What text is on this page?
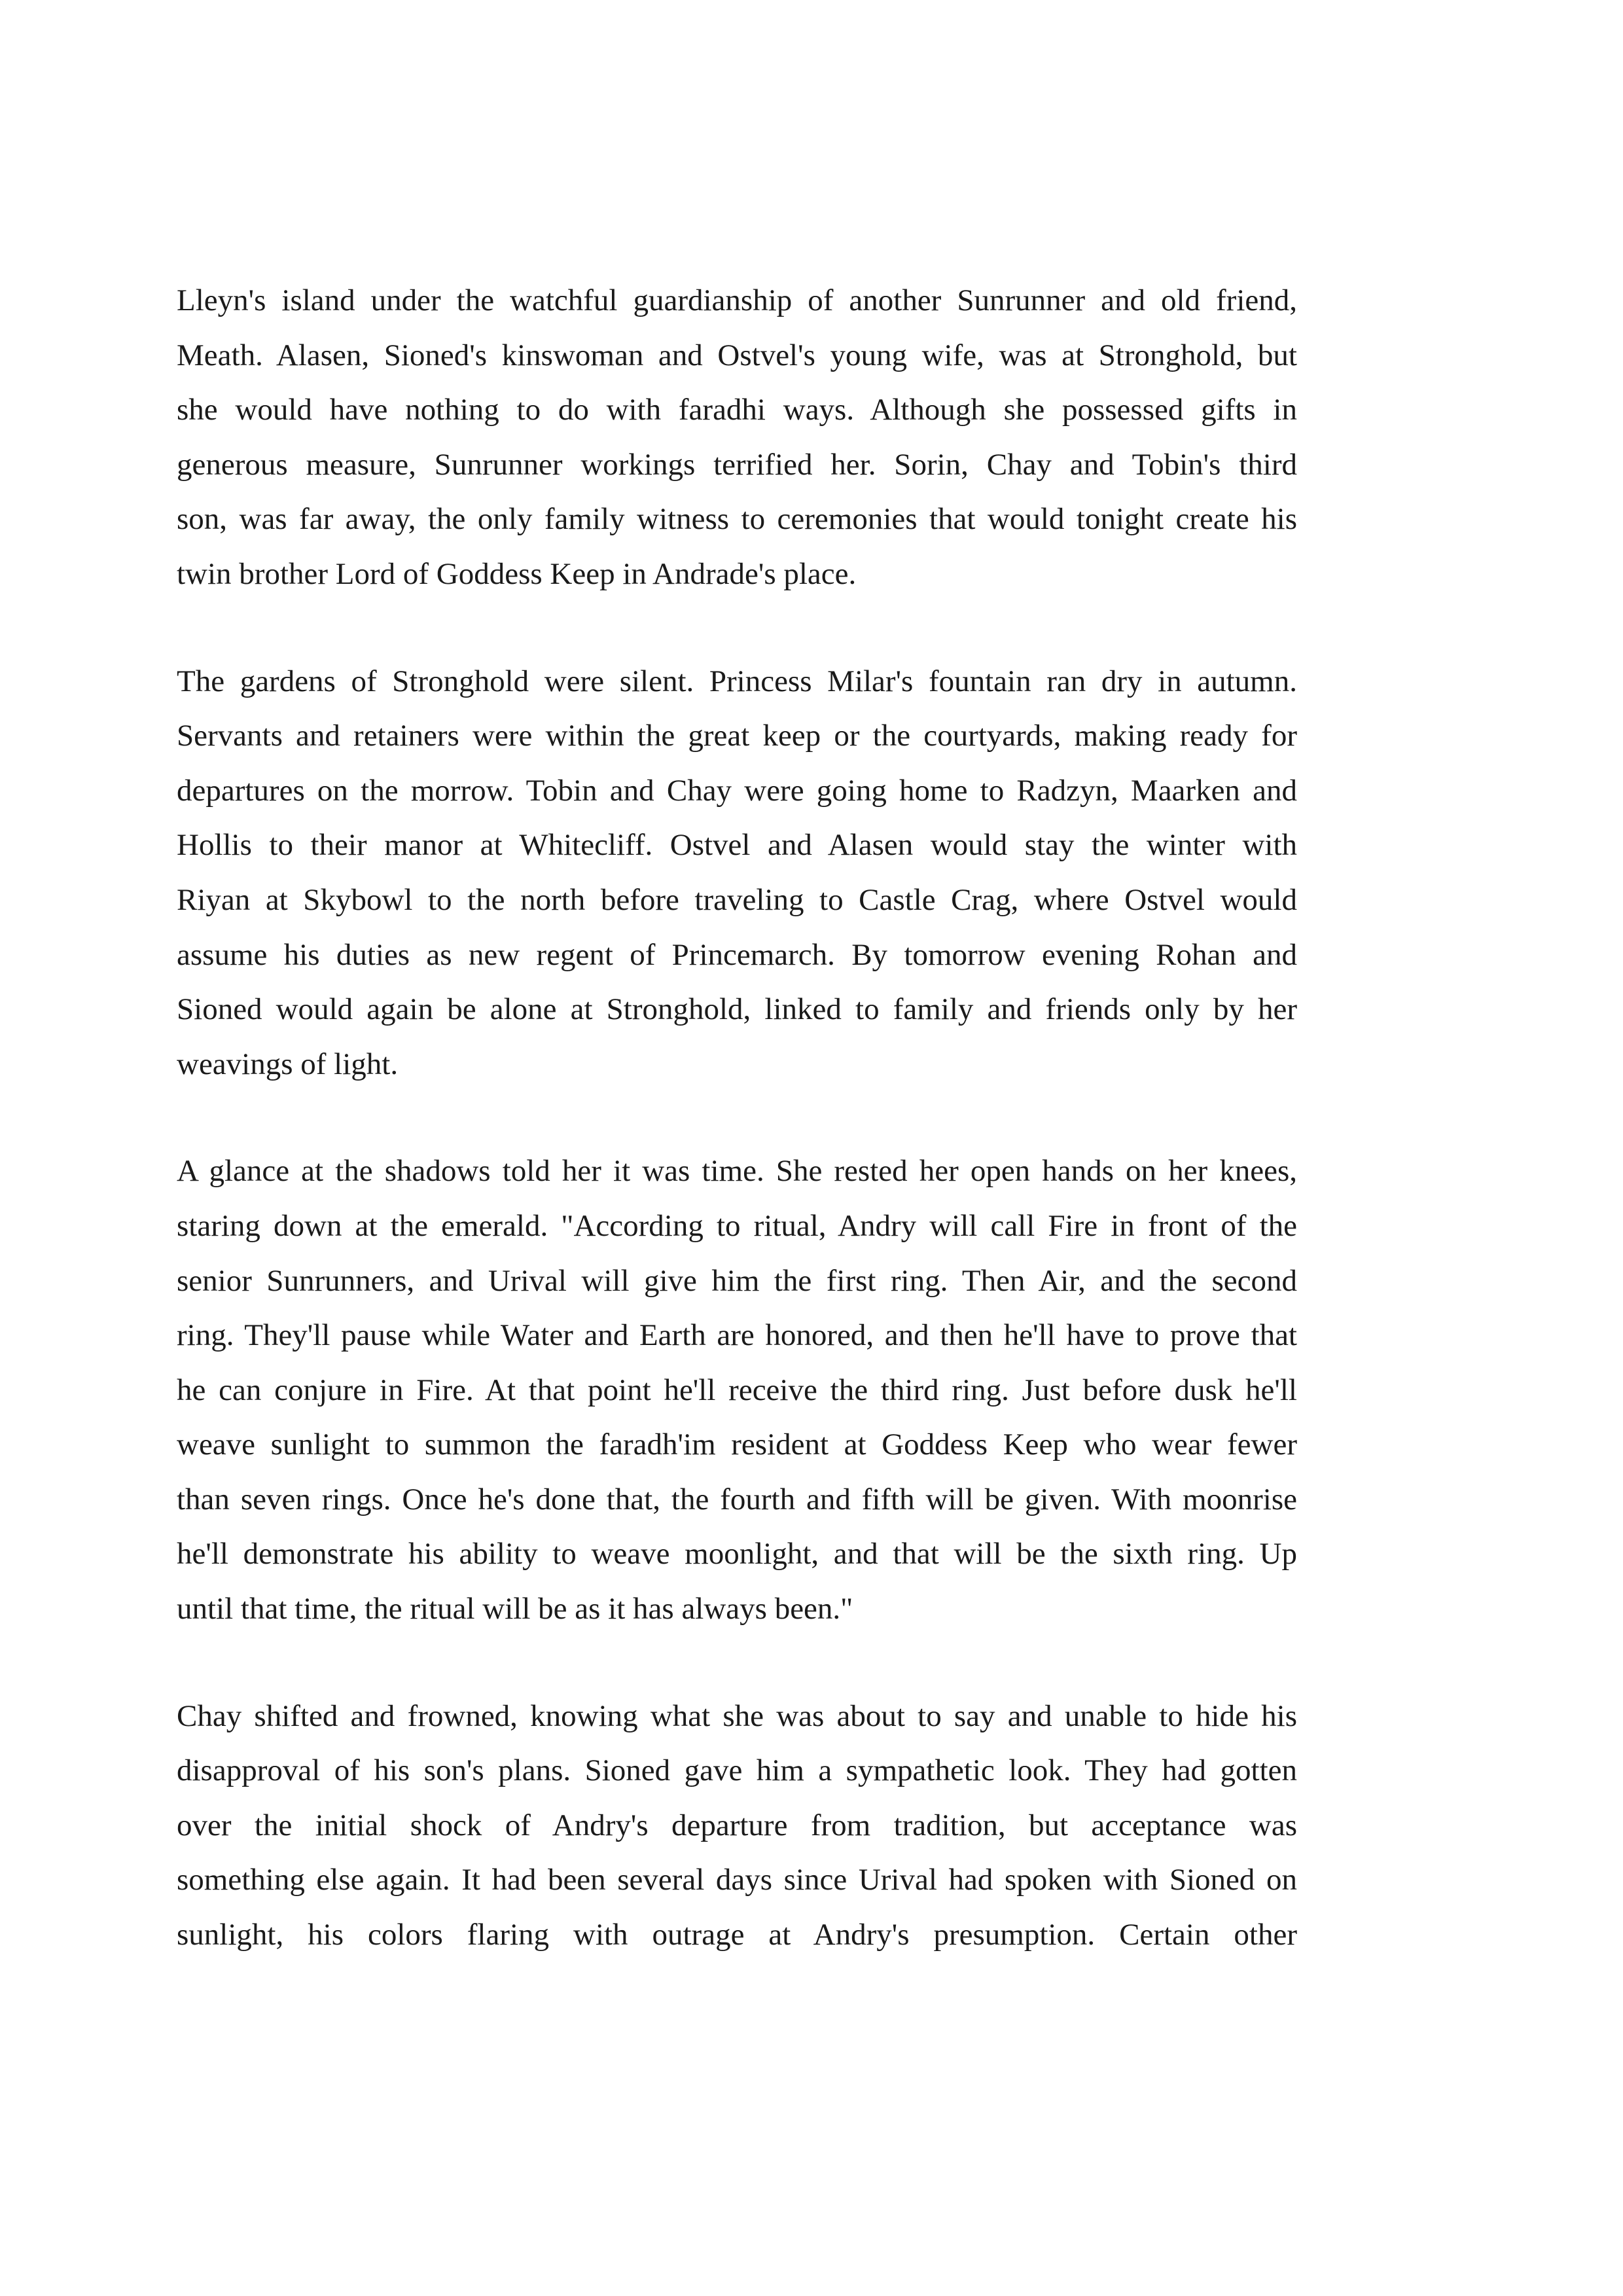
Lleyn's island under the watchful guardianship of another Sunrunner and old friend,
Meath. Alasen, Sioned's kinswoman and Ostvel's young wife, was at Stronghold, but
she would have nothing to do with faradhi ways. Although she possessed gifts in
generous measure, Sunrunner workings terrified her. Sorin, Chay and Tobin's third
son, was far away, the only family witness to ceremonies that would tonight create his
twin brother Lord of Goddess Keep in Andrade's place.
The gardens of Stronghold were silent. Princess Milar's fountain ran dry in autumn.
Servants and retainers were within the great keep or the courtyards, making ready for
departures on the morrow. Tobin and Chay were going home to Radzyn, Maarken and
Hollis to their manor at Whitecliff. Ostvel and Alasen would stay the winter with
Riyan at Skybowl to the north before traveling to Castle Crag, where Ostvel would
assume his duties as new regent of Princemarch. By tomorrow evening Rohan and
Sioned would again be alone at Stronghold, linked to family and friends only by her
weavings of light.
A glance at the shadows told her it was time. She rested her open hands on her knees,
staring down at the emerald. "According to ritual, Andry will call Fire in front of the
senior Sunrunners, and Urival will give him the first ring. Then Air, and the second
ring. They'll pause while Water and Earth are honored, and then he'll have to prove that
he can conjure in Fire. At that point he'll receive the third ring. Just before dusk he'll
weave sunlight to summon the faradh'im resident at Goddess Keep who wear fewer
than seven rings. Once he's done that, the fourth and fifth will be given. With moonrise
he'll demonstrate his ability to weave moonlight, and that will be the sixth ring. Up
until that time, the ritual will be as it has always been."
Chay shifted and frowned, knowing what she was about to say and unable to hide his
disapproval of his son's plans. Sioned gave him a sympathetic look. They had gotten
over the initial shock of Andry's departure from tradition, but acceptance was
something else again. It had been several days since Urival had spoken with Sioned on
sunlight, his colors flaring with outrage at Andry's presumption. Certain other
